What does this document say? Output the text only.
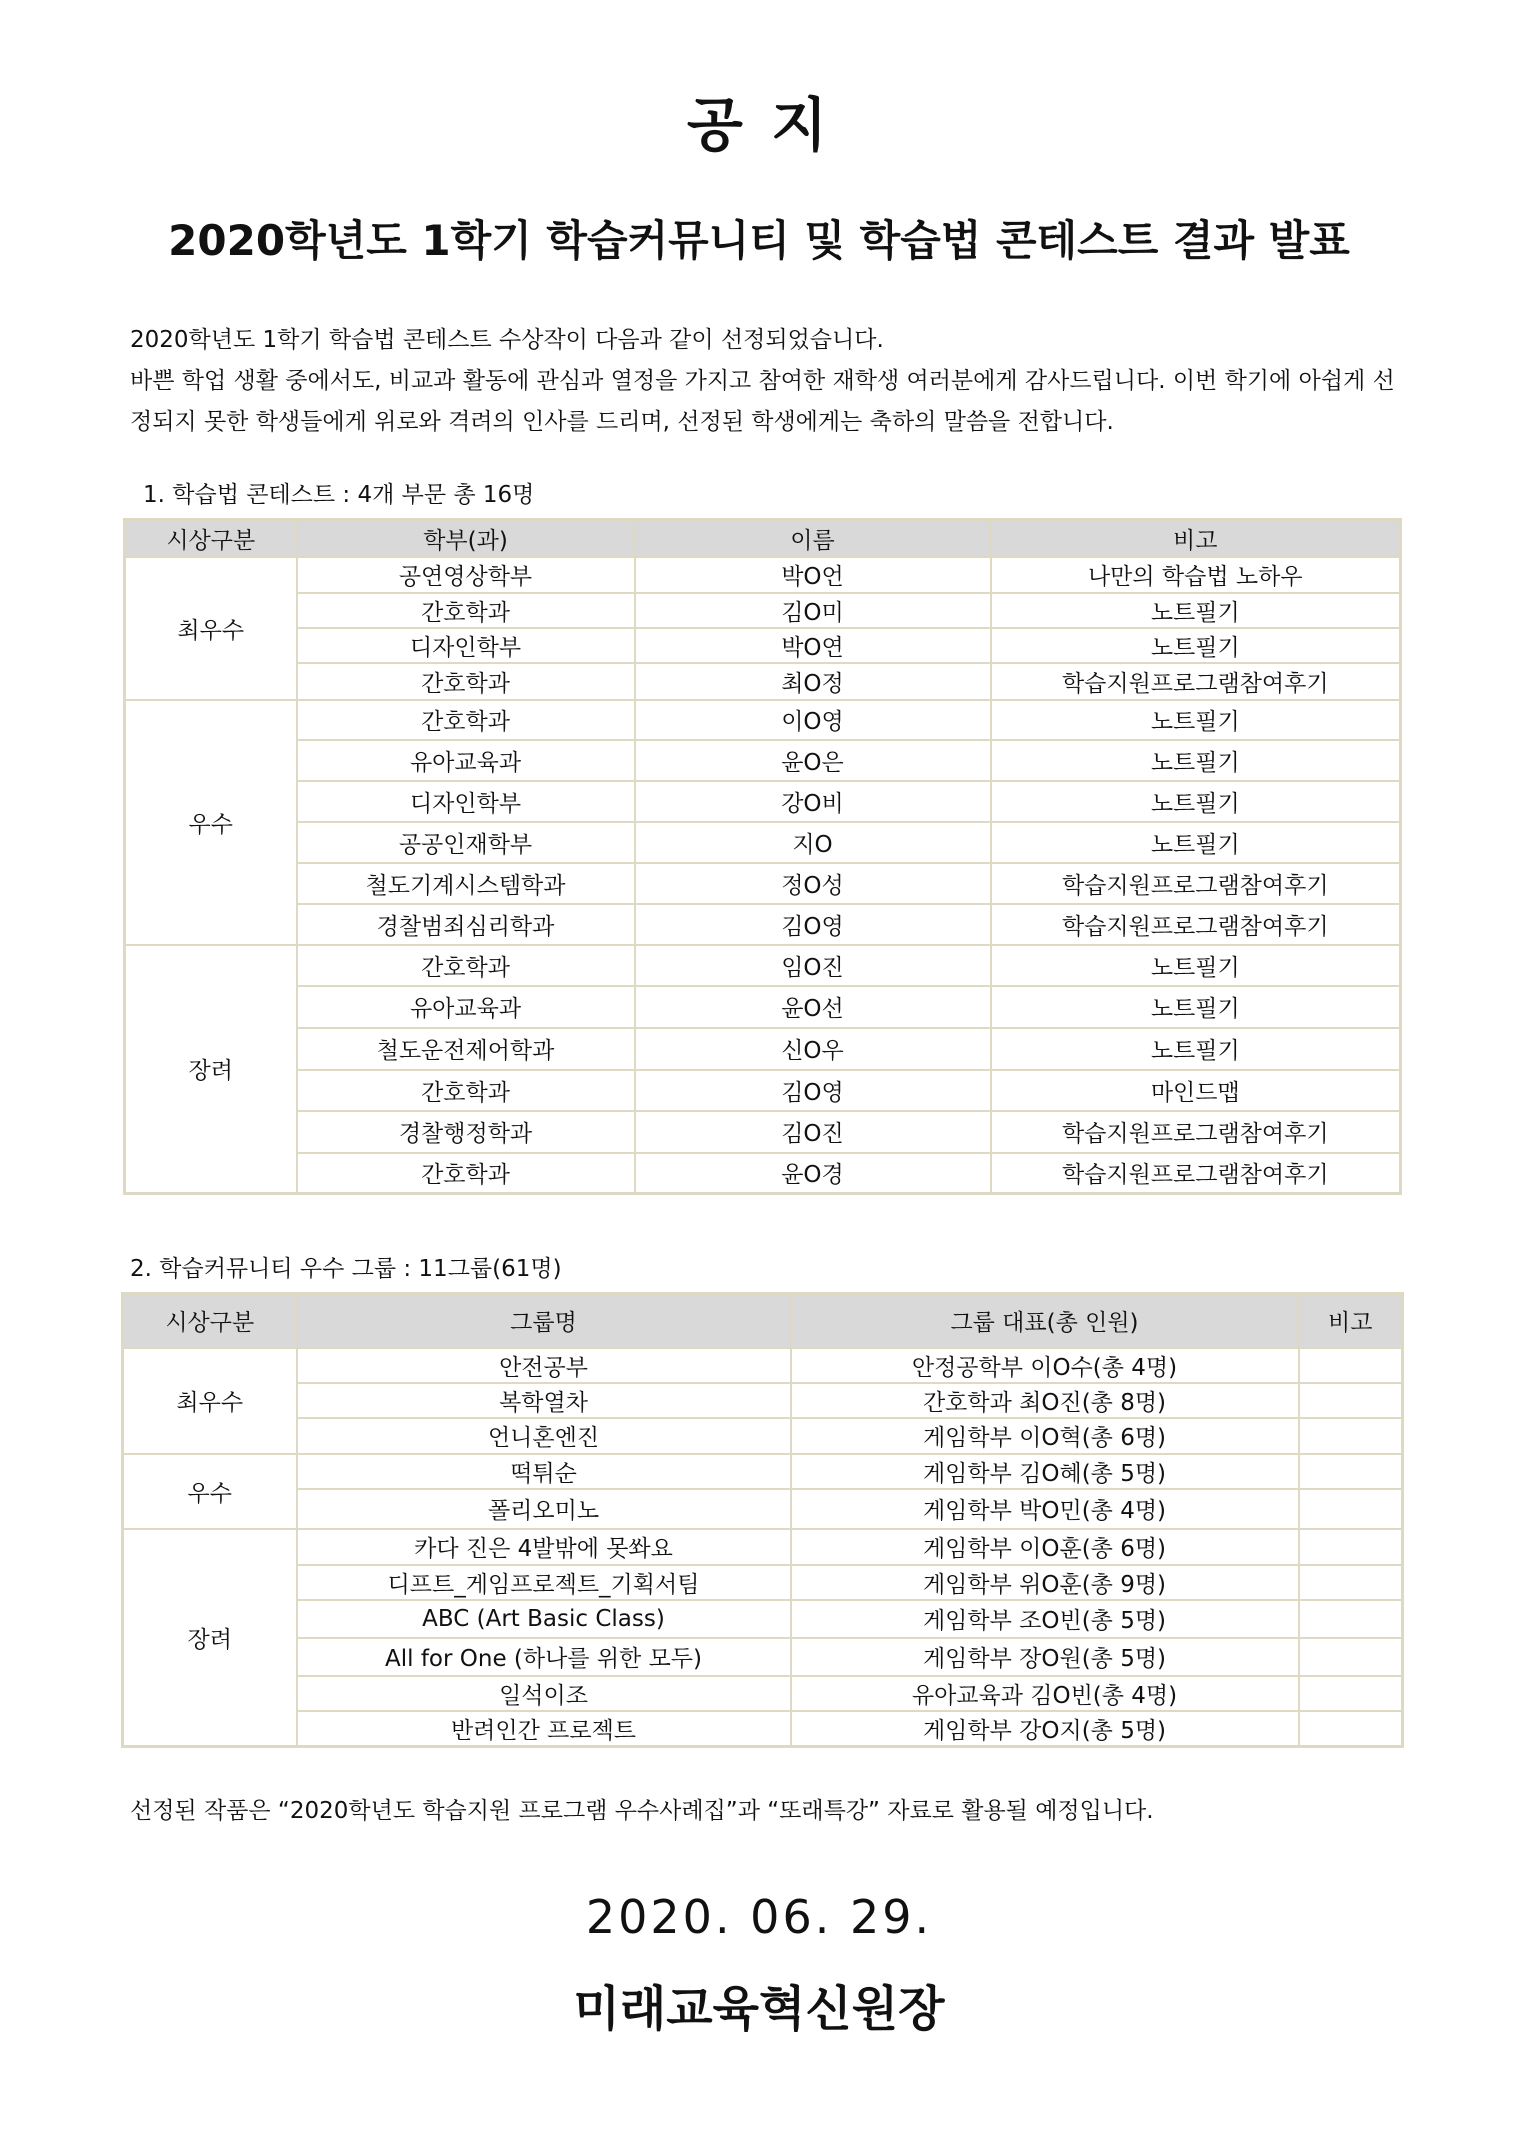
공 지
2020학년도 1학기 학습커뮤니티 및 학습법 콘테스트 결과 발표

2020학년도 1학기 학습법 콘테스트 수상작이 다음과 같이 선정되었습니다.

바쁜 학업 생활 중에서도, 비교과 활동에 관심과 열정을 가지고 참여한 재학생 여러분에게 감사드립니다. 이번 학기에 아쉽게 선정되지 못한 학생들에게 위로와 격려의 인사를 드리며, 선정된 학생에게는 축하의 말씀을 전합니다.

1. 학습법 콘테스트 : 4개 부문 총 16명
시상구분	학부(과)	이름	비고
최우수	공연영상학부	박O언	나만의 학습법 노하우
	간호학과	김O미	노트필기
	디자인학부	박O연	노트필기
	간호학과	최O정	학습지원프로그램참여후기
우수	간호학과	이O영	노트필기
	유아교육과	윤O은	노트필기
	디자인학부	강O비	노트필기
	공공인재학부	지O	노트필기
	철도기계시스템학과	정O성	학습지원프로그램참여후기
	경찰범죄심리학과	김O영	학습지원프로그램참여후기
장려	간호학과	임O진	노트필기
	유아교육과	윤O선	노트필기
	철도운전제어학과	신O우	노트필기
	간호학과	김O영	마인드맵
	경찰행정학과	김O진	학습지원프로그램참여후기
	간호학과	윤O경	학습지원프로그램참여후기
2. 학습커뮤니티 우수 그룹 : 11그룹(61명)
시상구분	그룹명	그룹 대표(총 인원)	비고
최우수	안전공부	안정공학부 이O수(총 4명)	
	복학열차	간호학과 최O진(총 8명)	
	언니혼엔진	게임학부 이O혁(총 6명)	
우수	떡튀순	게임학부 김O혜(총 5명)	
	폴리오미노	게임학부 박O민(총 4명)	
장려	카다 진은 4발밖에 못쏴요	게임학부 이O훈(총 6명)	
	디프트_게임프로젝트_기획서팀	게임학부 위O훈(총 9명)	
	ABC (Art Basic Class)	게임학부 조O빈(총 5명)	
	All for One (하나를 위한 모두)	게임학부 장O원(총 5명)	
	일석이조	유아교육과 김O빈(총 4명)	
	반려인간 프로젝트	게임학부 강O지(총 5명)	
선정된 작품은 “2020학년도 학습지원 프로그램 우수사례집”과 “또래특강” 자료로 활용될 예정입니다.
2020. 06. 29.
미래교육혁신원장
